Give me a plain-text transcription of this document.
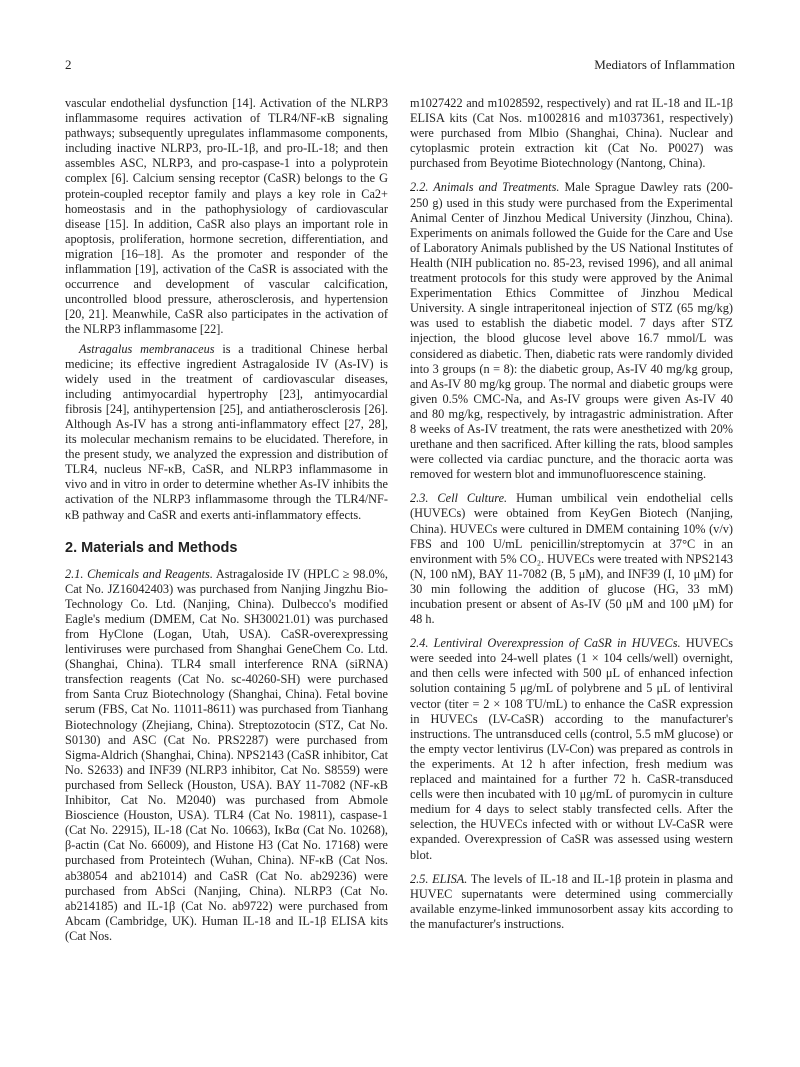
2	Mediators of Inflammation

vascular endothelial dysfunction [14]. Activation of the NLRP3 inflammasome requires activation of TLR4/NF-κB signaling pathways; subsequently upregulates inflammasome components, including inactive NLRP3, pro-IL-1β, and pro-IL-18; and then assembles ASC, NLRP3, and pro-caspase-1 into a polyprotein complex [6]. Calcium sensing receptor (CaSR) belongs to the G protein-coupled receptor family and plays a key role in Ca2+ homeostasis and in the pathophysiology of cardiovascular disease [15]. In addition, CaSR also plays an important role in apoptosis, proliferation, hormone secretion, differentiation, and migration [16–18]. As the promoter and responder of the inflammation [19], activation of the CaSR is associated with the occurrence and development of vascular calcification, uncontrolled blood pressure, atherosclerosis, and hypertension [20, 21]. Meanwhile, CaSR also participates in the activation of the NLRP3 inflammasome [22].

Astragalus membranaceus is a traditional Chinese herbal medicine; its effective ingredient Astragaloside IV (As-IV) is widely used in the treatment of cardiovascular diseases, including antimyocardial hypertrophy [23], antimyocardial fibrosis [24], antihypertension [25], and antiatherosclerosis [26]. Although As-IV has a strong anti-inflammatory effect [27, 28], its molecular mechanism remains to be elucidated. Therefore, in the present study, we analyzed the expression and distribution of TLR4, nucleus NF-κB, CaSR, and NLRP3 inflammasome in vivo and in vitro in order to determine whether As-IV inhibits the activation of the NLRP3 inflammasome through the TLR4/NF-κB pathway and CaSR and exerts anti-inflammatory effects.

2. Materials and Methods

2.1. Chemicals and Reagents. Astragaloside IV (HPLC ≥ 98.0%, Cat No. JZ16042403) was purchased from Nanjing Jingzhu Bio-Technology Co. Ltd. (Nanjing, China). Dulbecco's modified Eagle's medium (DMEM, Cat No. SH30021.01) was purchased from HyClone (Logan, Utah, USA). CaSR-overexpressing lentiviruses were purchased from Shanghai GeneChem Co. Ltd. (Shanghai, China). TLR4 small interference RNA (siRNA) transfection reagents (Cat No. sc-40260-SH) were purchased from Santa Cruz Biotechnology (Shanghai, China). Fetal bovine serum (FBS, Cat No. 11011-8611) was purchased from Tianhang Biotechnology (Zhejiang, China). Streptozotocin (STZ, Cat No. S0130) and ASC (Cat No. PRS2287) were purchased from Sigma-Aldrich (Shanghai, China). NPS2143 (CaSR inhibitor, Cat No. S2633) and INF39 (NLRP3 inhibitor, Cat No. S8559) were purchased from Selleck (Houston, USA). BAY 11-7082 (NF-κB Inhibitor, Cat No. M2040) was purchased from Abmole Bioscience (Houston, USA). TLR4 (Cat No. 19811), caspase-1 (Cat No. 22915), IL-18 (Cat No. 10663), IκBα (Cat No. 10268), β-actin (Cat No. 66009), and Histone H3 (Cat No. 17168) were purchased from Proteintech (Wuhan, China). NF-κB (Cat Nos. ab38054 and ab21014) and CaSR (Cat No. ab29236) were purchased from AbSci (Nanjing, China). NLRP3 (Cat No. ab214185) and IL-1β (Cat No. ab9722) were purchased from Abcam (Cambridge, UK). Human IL-18 and IL-1β ELISA kits (Cat Nos.

m1027422 and m1028592, respectively) and rat IL-18 and IL-1β ELISA kits (Cat Nos. m1002816 and m1037361, respectively) were purchased from Mlbio (Shanghai, China). Nuclear and cytoplasmic protein extraction kit (Cat No. P0027) was purchased from Beyotime Biotechnology (Nantong, China).

2.2. Animals and Treatments. Male Sprague Dawley rats (200-250 g) used in this study were purchased from the Experimental Animal Center of Jinzhou Medical University (Jinzhou, China). Experiments on animals followed the Guide for the Care and Use of Laboratory Animals published by the US National Institutes of Health (NIH publication no. 85-23, revised 1996), and all animal treatment protocols for this study were approved by the Animal Experimentation Ethics Committee of Jinzhou Medical University. A single intraperitoneal injection of STZ (65 mg/kg) was used to establish the diabetic model. 7 days after STZ injection, the blood glucose level above 16.7 mmol/L was considered as diabetic. Then, diabetic rats were randomly divided into 3 groups (n = 8): the diabetic group, As-IV 40 mg/kg group, and As-IV 80 mg/kg group. The normal and diabetic groups were given 0.5% CMC-Na, and As-IV groups were given As-IV 40 and 80 mg/kg, respectively, by intragastric administration. After 8 weeks of As-IV treatment, the rats were anesthetized with 20% urethane and then sacrificed. After killing the rats, blood samples were collected via cardiac puncture, and the thoracic aorta was removed for western blot and immunofluorescence staining.

2.3. Cell Culture. Human umbilical vein endothelial cells (HUVECs) were obtained from KeyGen Biotech (Nanjing, China). HUVECs were cultured in DMEM containing 10% (v/v) FBS and 100 U/mL penicillin/streptomycin at 37°C in an environment with 5% CO₂. HUVECs were treated with NPS2143 (N, 100 nM), BAY 11-7082 (B, 5 μM), and INF39 (I, 10 μM) for 30 min following the addition of glucose (HG, 33 mM) incubation present or absent of As-IV (50 μM and 100 μM) for 48 h.

2.4. Lentiviral Overexpression of CaSR in HUVECs. HUVECs were seeded into 24-well plates (1 × 104 cells/well) overnight, and then cells were infected with 500 μL of enhanced infection solution containing 5 μg/mL of polybrene and 5 μL of lentiviral vector (titer = 2 × 108 TU/mL) to enhance the CaSR expression in HUVECs (LV-CaSR) according to the manufacturer's instructions. The untransduced cells (control, 5.5 mM glucose) or the empty vector lentivirus (LV-Con) was prepared as controls in the experiments. At 12 h after infection, fresh medium was replaced and maintained for a further 72 h. CaSR-transduced cells were then incubated with 10 μg/mL of puromycin in culture medium for 4 days to select stably transfected cells. After the selection, the HUVECs infected with or without LV-CaSR were expanded. Overexpression of CaSR was assessed using western blot.

2.5. ELISA. The levels of IL-18 and IL-1β protein in plasma and HUVEC supernatants were determined using commercially available enzyme-linked immunosorbent assay kits according to the manufacturer's instructions.
